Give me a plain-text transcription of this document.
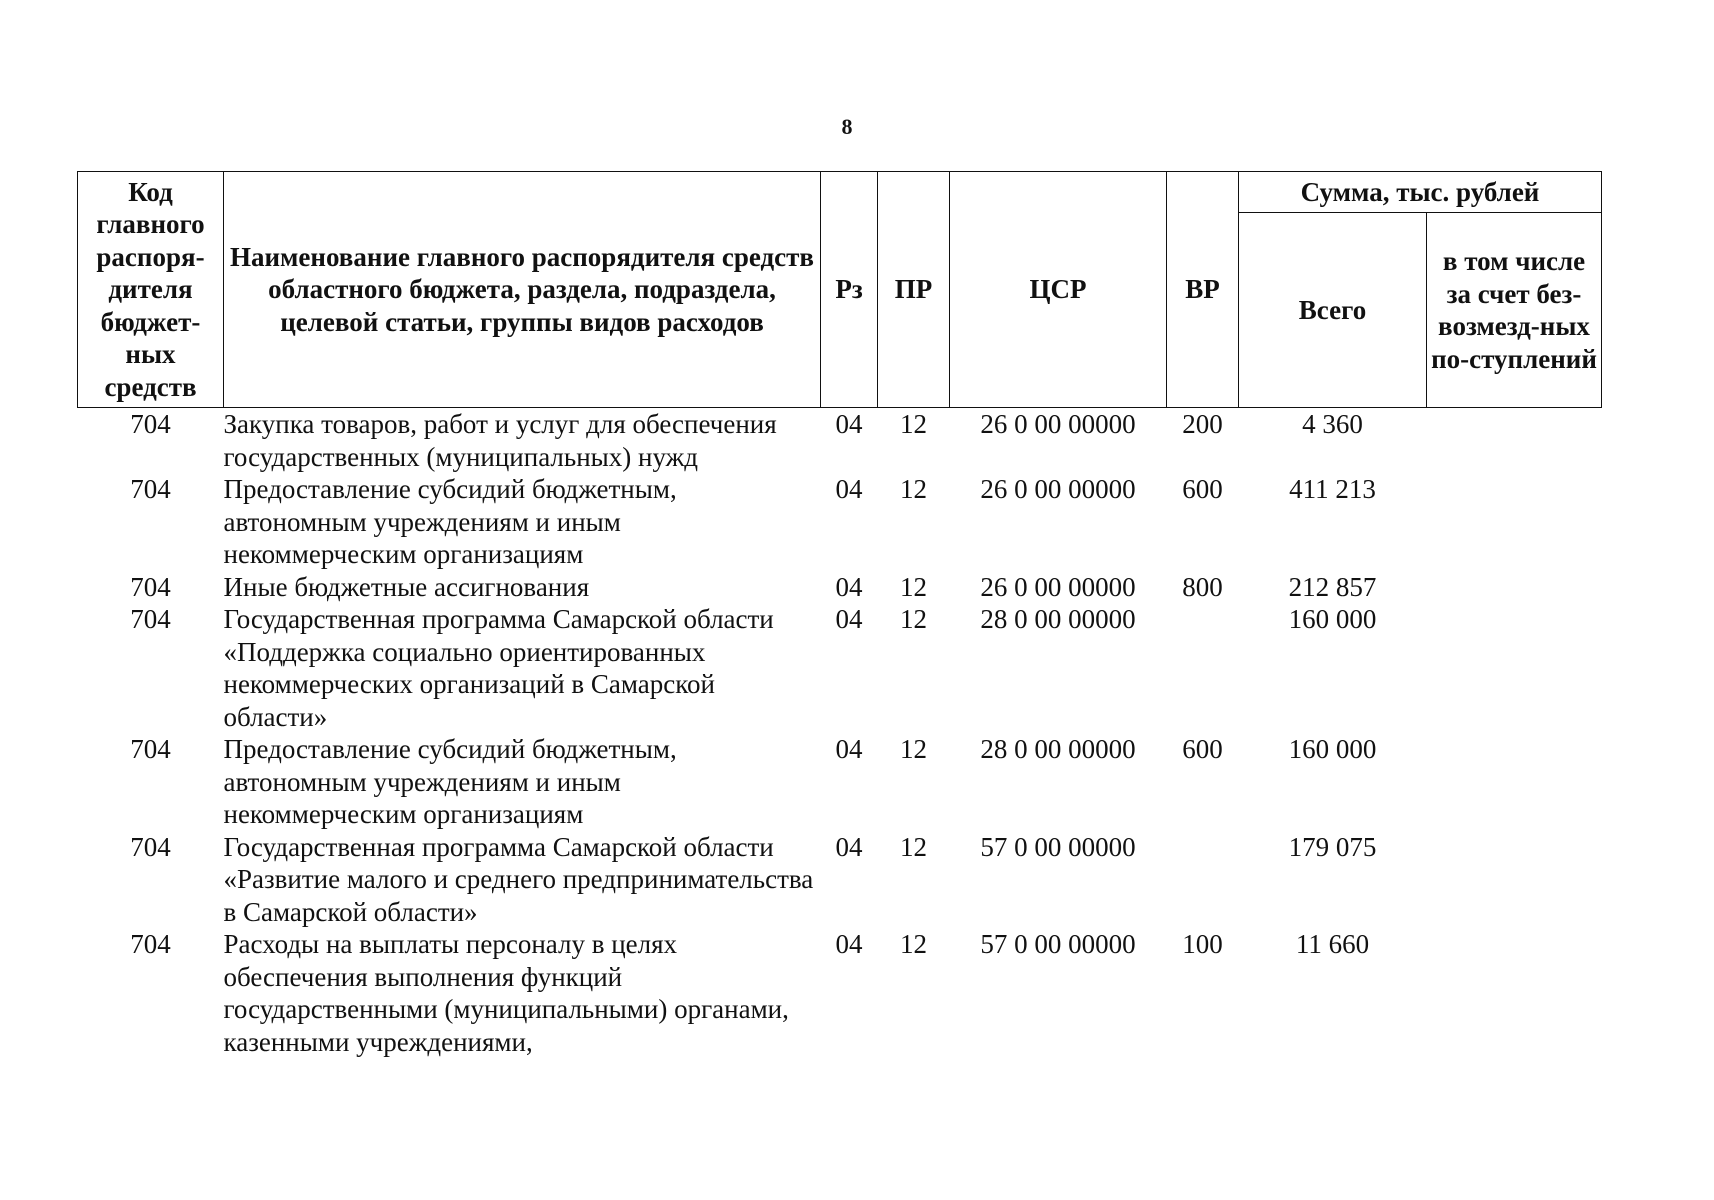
8
Код главного распоря-дителя бюджет-ных средств	Наименование главного распорядителя средств областного бюджета, раздела, подраздела, целевой статьи, группы видов расходов	Рз	ПР	ЦСР	ВР	Сумма, тыс. рублей	
						Всего	в том числе за счет без-возмезд-ных по-ступлений
704	Закупка товаров, работ и услуг для обеспечения государственных (муниципальных) нужд	04	12	26 0 00 00000	200	4 360	
704	Предоставление субсидий бюджетным, автономным учреждениям и иным некоммерческим организациям	04	12	26 0 00 00000	600	411 213	
704	Иные бюджетные ассигнования	04	12	26 0 00 00000	800	212 857	
704	Государственная программа Самарской области «Поддержка социально ориентированных некоммерческих организаций в Самарской области»	04	12	28 0 00 00000		160 000	
704	Предоставление субсидий бюджетным, автономным учреждениям и иным некоммерческим организациям	04	12	28 0 00 00000	600	160 000	
704	Государственная программа Самарской области «Развитие малого и среднего предпринимательства в Самарской области»	04	12	57 0 00 00000		179 075	
704	Расходы на выплаты персоналу в целях обеспечения выполнения функций государственными (муниципальными) органами, казенными учреждениями,	04	12	57 0 00 00000	100	11 660	
